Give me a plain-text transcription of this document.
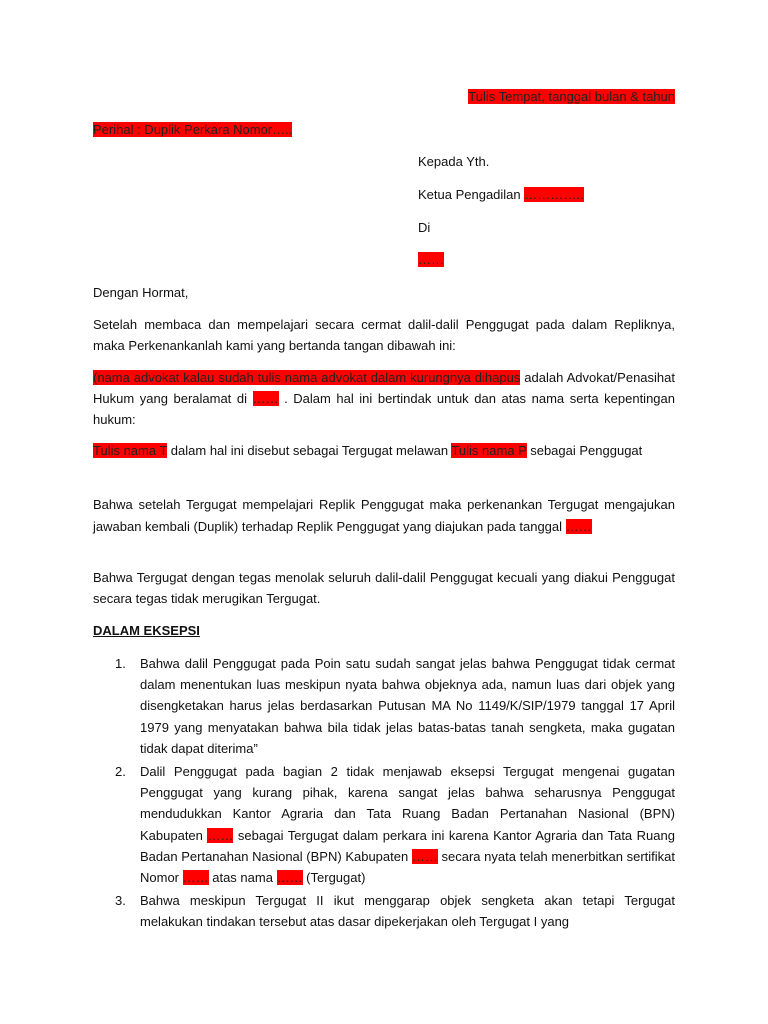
Tulis Tempat, tanggal bulan & tahun
Perihal : Duplik Perkara Nomor…..
Kepada Yth.
Ketua Pengadilan …………..
Di
……
Dengan Hormat,
Setelah membaca dan mempelajari secara cermat dalil-dalil Penggugat pada dalam Repliknya, maka Perkenankanlah kami yang bertanda tangan dibawah ini:
(nama advokat kalau sudah tulis nama advokat dalam kurungnya dihapus adalah Advokat/Penasihat Hukum yang beralamat di …… . Dalam hal ini bertindak untuk dan atas nama serta kepentingan hukum:
Tulis nama T dalam hal ini disebut sebagai Tergugat melawan Tulis nama P sebagai Penggugat
Bahwa setelah Tergugat mempelajari Replik Penggugat maka perkenankan Tergugat mengajukan jawaban kembali (Duplik) terhadap Replik Penggugat yang diajukan pada tanggal ……
Bahwa Tergugat dengan tegas menolak seluruh dalil-dalil Penggugat kecuali yang diakui Penggugat secara tegas tidak merugikan Tergugat.
DALAM EKSEPSI
1. Bahwa dalil Penggugat pada Poin satu sudah sangat jelas bahwa Penggugat tidak cermat dalam menentukan luas meskipun nyata bahwa objeknya ada, namun luas dari objek yang disengketakan harus jelas berdasarkan Putusan MA No 1149/K/SIP/1979 tanggal 17 April 1979 yang menyatakan bahwa bila tidak jelas batas-batas tanah sengketa, maka gugatan tidak dapat diterima”
2. Dalil Penggugat pada bagian 2 tidak menjawab eksepsi Tergugat mengenai gugatan Penggugat yang kurang pihak, karena sangat jelas bahwa seharusnya Penggugat mendudukkan Kantor Agraria dan Tata Ruang Badan Pertanahan Nasional (BPN) Kabupaten …… sebagai Tergugat dalam perkara ini karena Kantor Agraria dan Tata Ruang Badan Pertanahan Nasional (BPN) Kabupaten …… secara nyata telah menerbitkan sertifikat Nomor …… atas nama …… (Tergugat)
3. Bahwa meskipun Tergugat II ikut menggarap objek sengketa akan tetapi Tergugat melakukan tindakan tersebut atas dasar dipekerjakan oleh Tergugat I yang
